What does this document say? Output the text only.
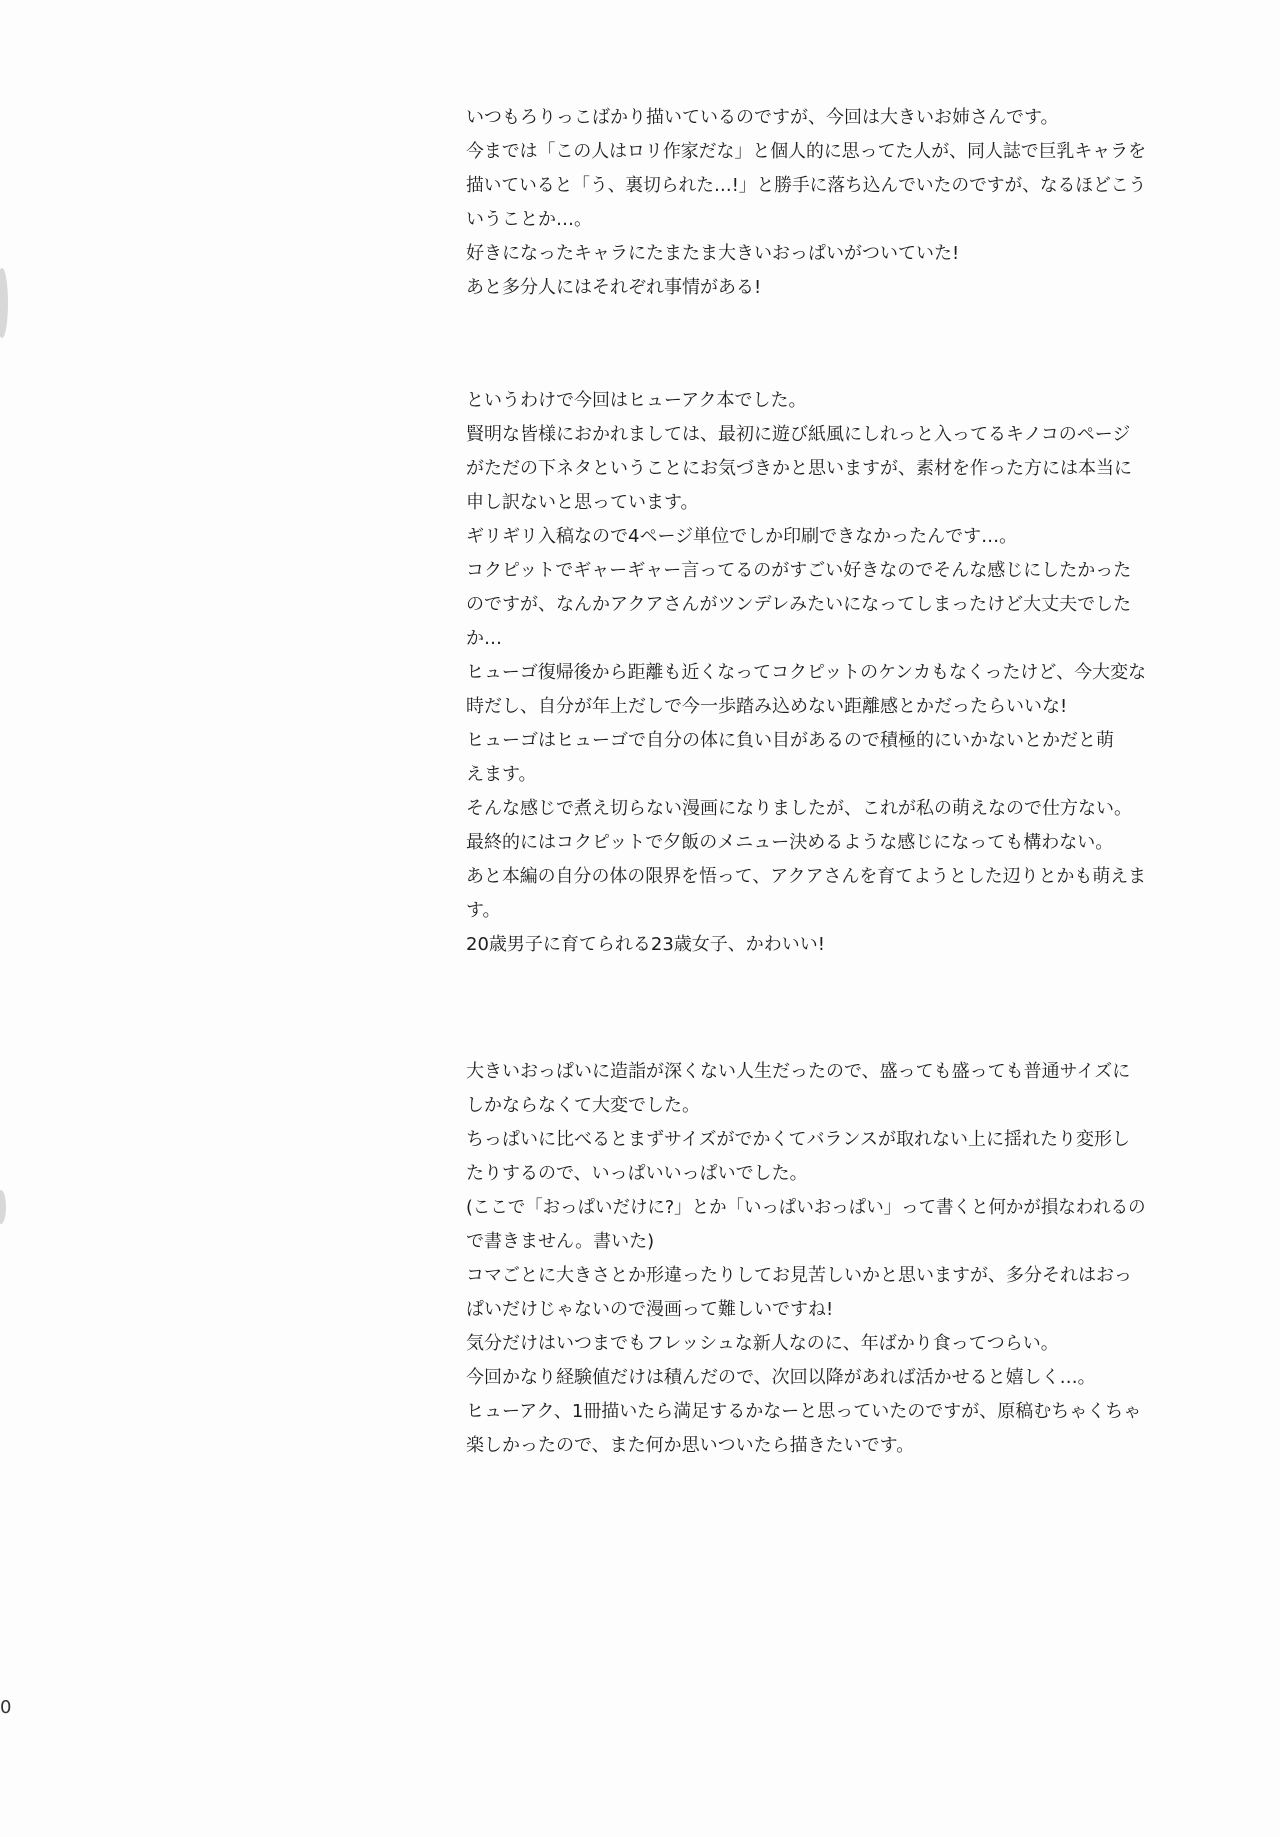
いつもろりっこばかり描いているのですが、今回は大きいお姉さんです。
今までは「この人はロリ作家だな」と個人的に思ってた人が、同人誌で巨乳キャラを
描いていると「う、裏切られた…!」と勝手に落ち込んでいたのですが、なるほどこう
いうことか…。
好きになったキャラにたまたま大きいおっぱいがついていた!
あと多分人にはそれぞれ事情がある!
というわけで今回はヒューアク本でした。
賢明な皆様におかれましては、最初に遊び紙風にしれっと入ってるキノコのページ
がただの下ネタということにお気づきかと思いますが、素材を作った方には本当に
申し訳ないと思っています。
ギリギリ入稿なので4ページ単位でしか印刷できなかったんです…。
コクピットでギャーギャー言ってるのがすごい好きなのでそんな感じにしたかった
のですが、なんかアクアさんがツンデレみたいになってしまったけど大丈夫でした
か…
ヒューゴ復帰後から距離も近くなってコクピットのケンカもなくったけど、今大変な
時だし、自分が年上だしで今一歩踏み込めない距離感とかだったらいいな!
ヒューゴはヒューゴで自分の体に負い目があるので積極的にいかないとかだと萌
えます。
そんな感じで煮え切らない漫画になりましたが、これが私の萌えなので仕方ない。
最終的にはコクピットで夕飯のメニュー決めるような感じになっても構わない。
あと本編の自分の体の限界を悟って、アクアさんを育てようとした辺りとかも萌えま
す。
20歳男子に育てられる23歳女子、かわいい!
大きいおっぱいに造詣が深くない人生だったので、盛っても盛っても普通サイズに
しかならなくて大変でした。
ちっぱいに比べるとまずサイズがでかくてバランスが取れない上に揺れたり変形し
たりするので、いっぱいいっぱいでした。
(ここで「おっぱいだけに?」とか「いっぱいおっぱい」って書くと何かが損なわれるの
で書きません。書いた)
コマごとに大きさとか形違ったりしてお見苦しいかと思いますが、多分それはおっ
ぱいだけじゃないので漫画って難しいですね!
気分だけはいつまでもフレッシュな新人なのに、年ばかり食ってつらい。
今回かなり経験値だけは積んだので、次回以降があれば活かせると嬉しく…。
ヒューアク、1冊描いたら満足するかなーと思っていたのですが、原稿むちゃくちゃ
楽しかったので、また何か思いついたら描きたいです。
0
